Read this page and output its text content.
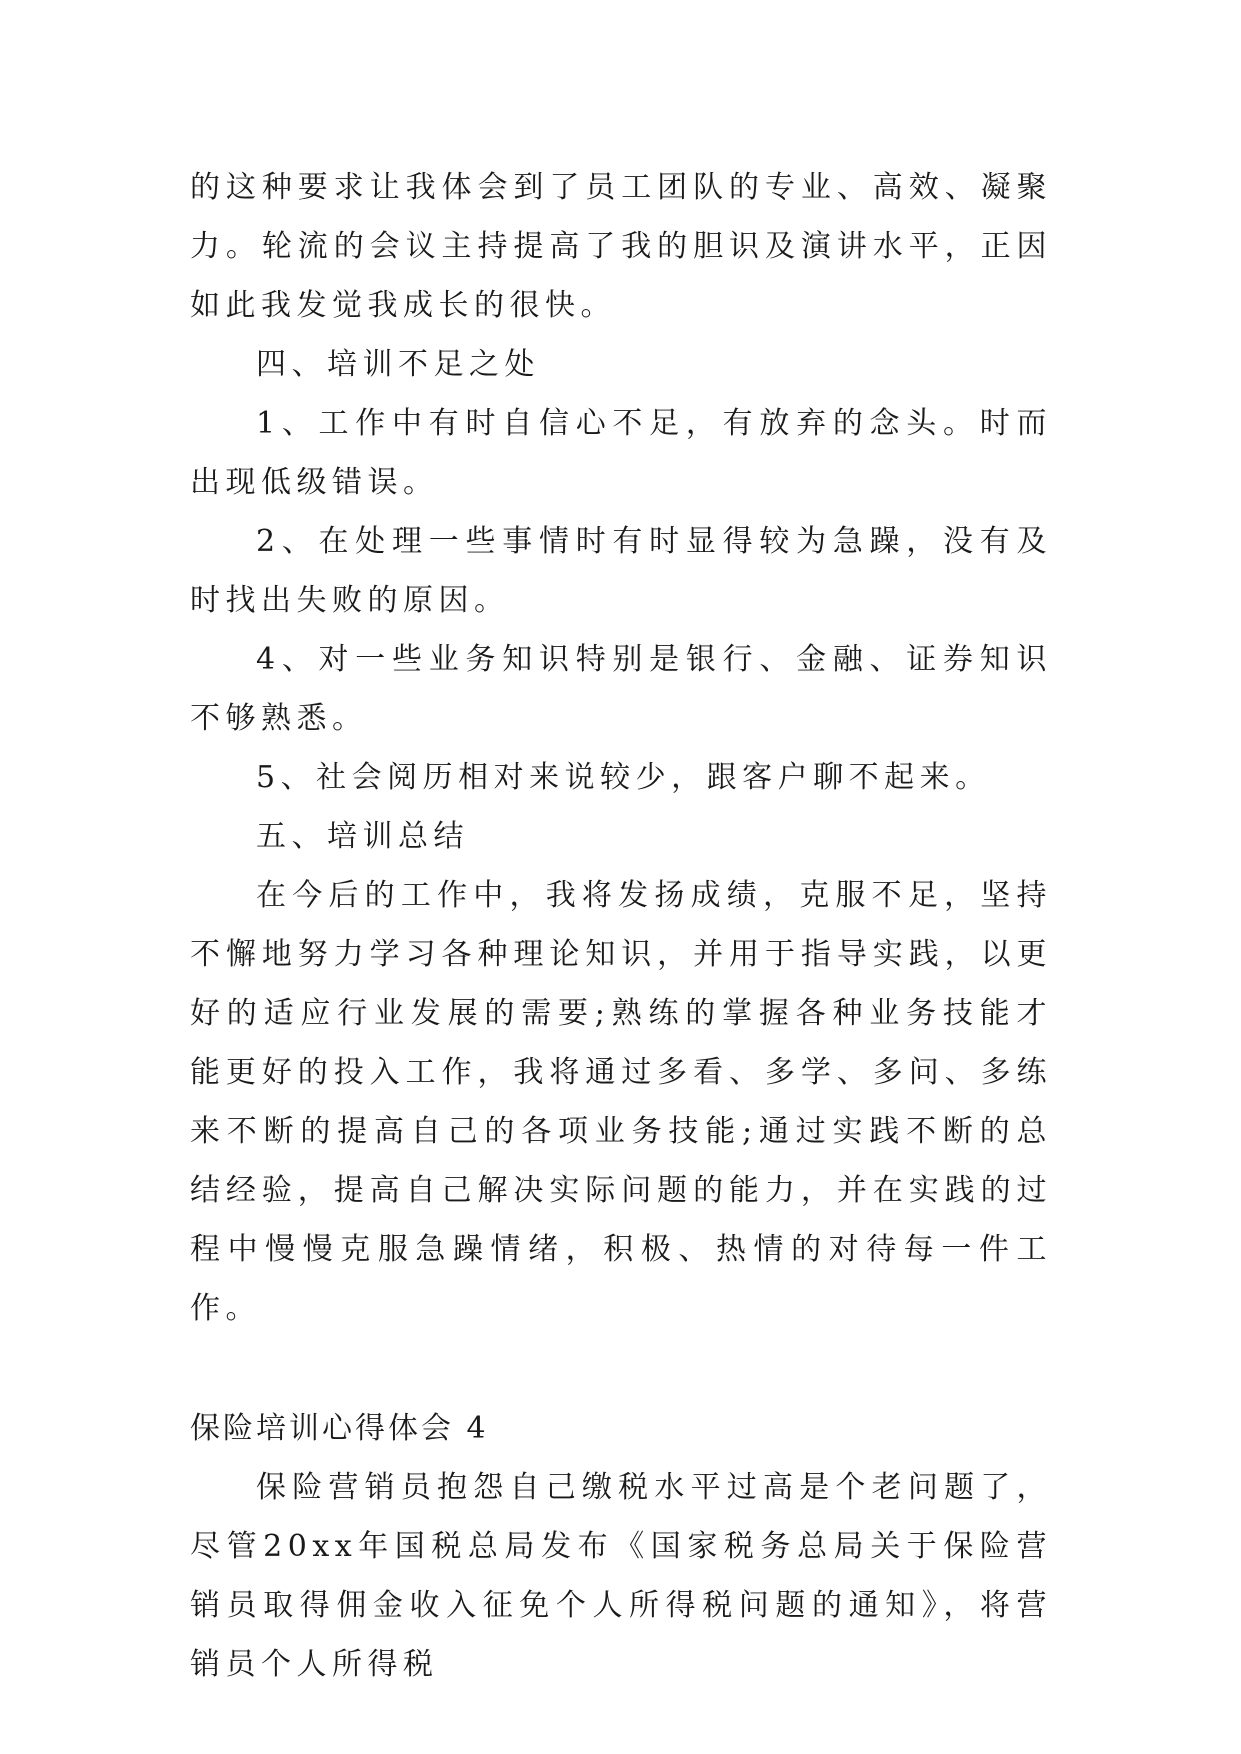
的这种要求让我体会到了员工团队的专业、高效、凝聚力。轮流的会议主持提高了我的胆识及演讲水平，正因如此我发觉我成长的很快。

四、培训不足之处

1、工作中有时自信心不足，有放弃的念头。时而出现低级错误。

2、在处理一些事情时有时显得较为急躁，没有及时找出失败的原因。

4、对一些业务知识特别是银行、金融、证券知识不够熟悉。

5、社会阅历相对来说较少，跟客户聊不起来。

五、培训总结

在今后的工作中，我将发扬成绩，克服不足，坚持不懈地努力学习各种理论知识，并用于指导实践，以更好的适应行业发展的需要;熟练的掌握各种业务技能才能更好的投入工作，我将通过多看、多学、多问、多练来不断的提高自己的各项业务技能;通过实践不断的总结经验，提高自己解决实际问题的能力，并在实践的过程中慢慢克服急躁情绪，积极、热情的对待每一件工作。

保险培训心得体会 4

保险营销员抱怨自己缴税水平过高是个老问题了，尽管20xx年国税总局发布《国家税务总局关于保险营销员取得佣金收入征免个人所得税问题的通知》，将营销员个人所得税
